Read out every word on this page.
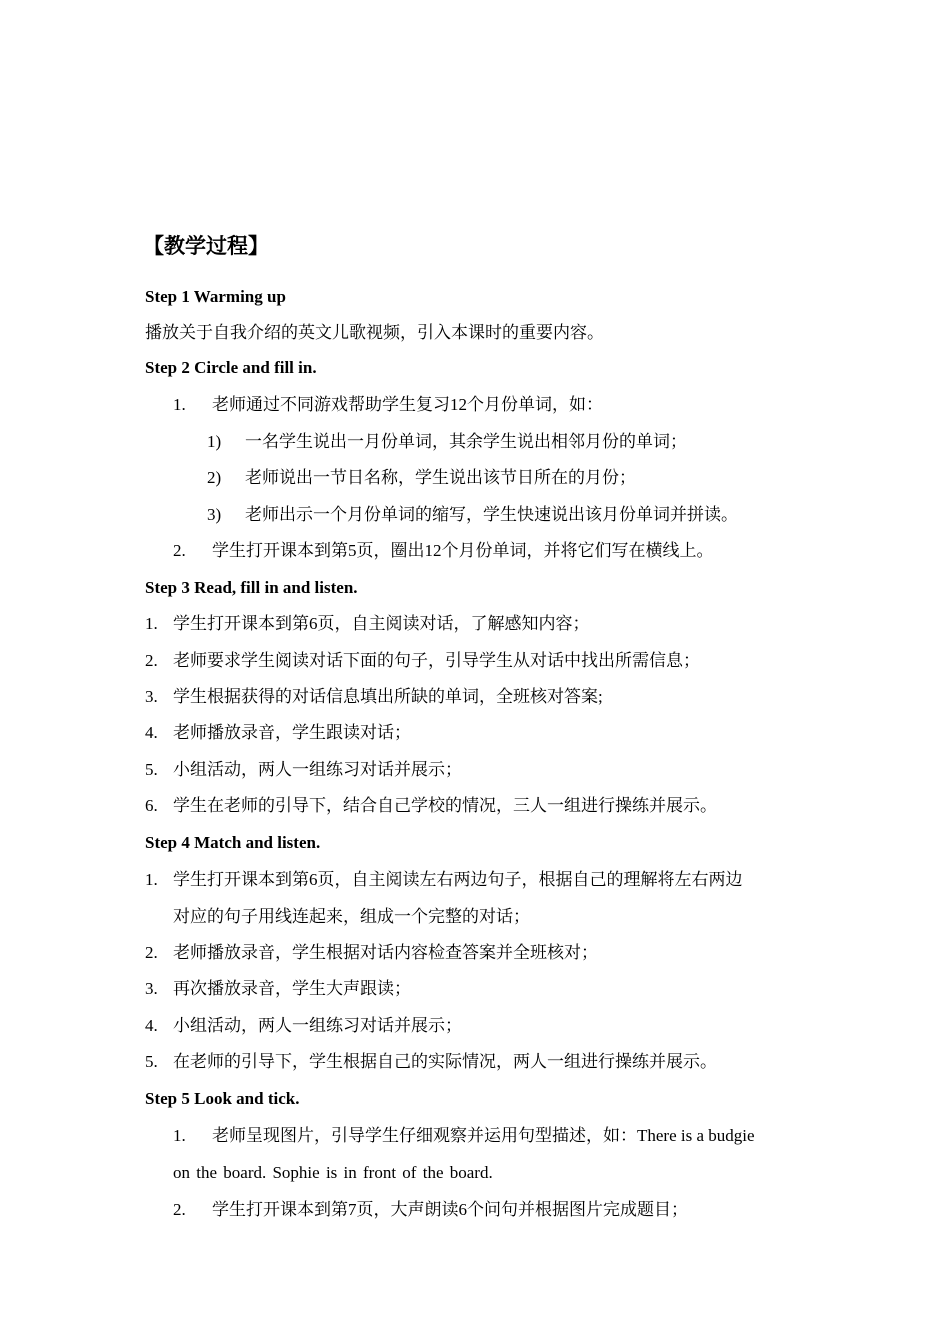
【教学过程】
Step 1 Warming up
播放关于自我介绍的英文儿歌视频，引入本课时的重要内容。
Step 2 Circle and fill in.
1. 老师通过不同游戏帮助学生复习12个月份单词，如：
1) 一名学生说出一月份单词，其余学生说出相邻月份的单词；
2) 老师说出一节日名称，学生说出该节日所在的月份；
3) 老师出示一个月份单词的缩写，学生快速说出该月份单词并拼读。
2. 学生打开课本到第5页，圈出12个月份单词，并将它们写在横线上。
Step 3 Read, fill in and listen.
1. 学生打开课本到第6页，自主阅读对话，了解感知内容；
2. 老师要求学生阅读对话下面的句子，引导学生从对话中找出所需信息；
3. 学生根据获得的对话信息填出所缺的单词，全班核对答案;
4. 老师播放录音，学生跟读对话；
5. 小组活动，两人一组练习对话并展示；
6. 学生在老师的引导下，结合自己学校的情况，三人一组进行操练并展示。
Step 4 Match and listen.
1. 学生打开课本到第6页，自主阅读左右两边句子，根据自己的理解将左右两边
对应的句子用线连起来，组成一个完整的对话；
2. 老师播放录音，学生根据对话内容检查答案并全班核对；
3. 再次播放录音，学生大声跟读；
4. 小组活动，两人一组练习对话并展示；
5. 在老师的引导下，学生根据自己的实际情况，两人一组进行操练并展示。
Step 5 Look and tick.
1. 老师呈现图片，引导学生仔细观察并运用句型描述，如：There is a budgie
on the board. Sophie is in front of the board.
2. 学生打开课本到第7页，大声朗读6个问句并根据图片完成题目；
